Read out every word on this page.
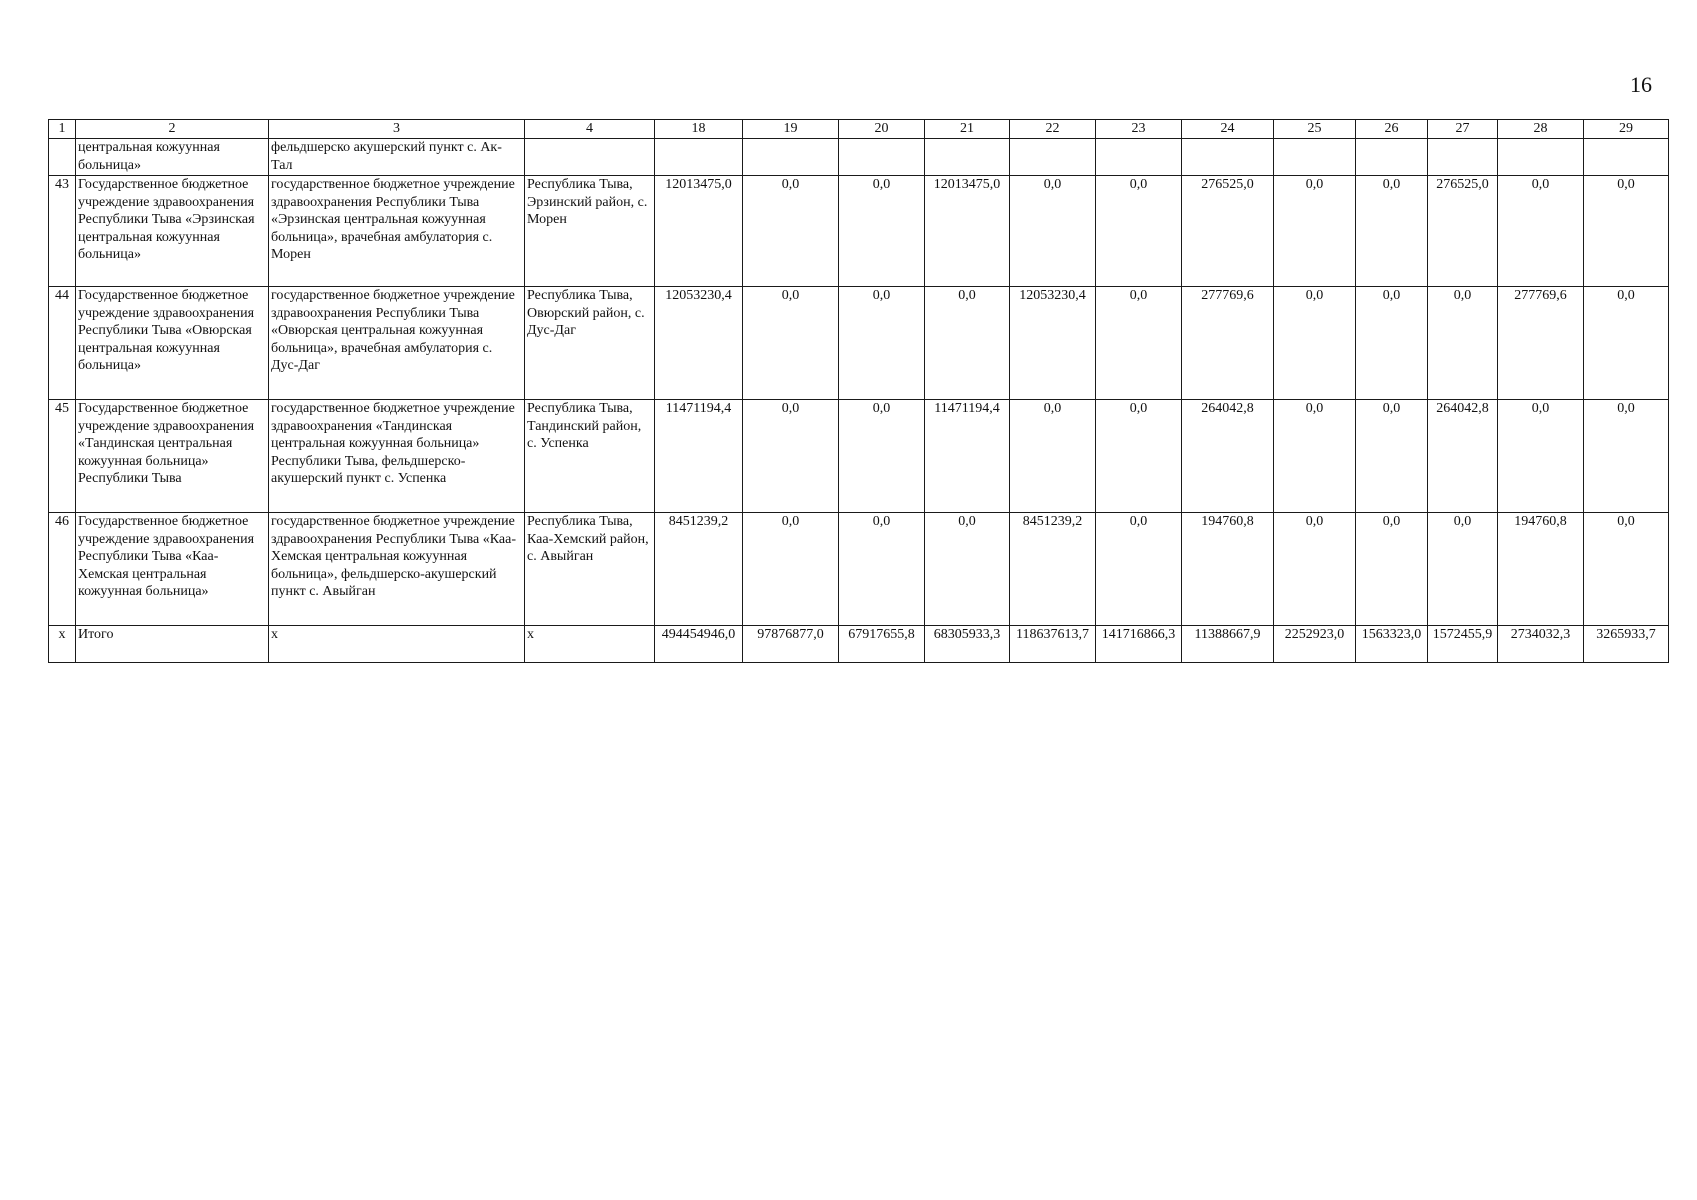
16
1	2	3	4	18	19	20	21	22	23	24	25	26	27	28	29
	центральная кожуунная больница»	фельдшерско акушерский пункт с. Ак-Тал													
43	Государственное бюджетное учреждение здравоохранения Республики Тыва «Эрзинская центральная кожуунная больница»	государственное бюджетное учреждение здравоохранения Республики Тыва «Эрзинская центральная кожуунная больница», врачебная амбулатория с. Морен	Республика Тыва, Эрзинский район, с. Морен	12013475,0	0,0	0,0	12013475,0	0,0	0,0	276525,0	0,0	0,0	276525,0	0,0	0,0
44	Государственное бюджетное учреждение здравоохранения Республики Тыва «Овюрская центральная кожуунная больница»	государственное бюджетное учреждение здравоохранения Республики Тыва «Овюрская центральная кожуунная больница», врачебная амбулатория с. Дус-Даг	Республика Тыва, Овюрский район, с. Дус-Даг	12053230,4	0,0	0,0	0,0	12053230,4	0,0	277769,6	0,0	0,0	0,0	277769,6	0,0
45	Государственное бюджетное учреждение здравоохранения «Тандинская центральная кожуунная больница» Республики Тыва	государственное бюджетное учреждение здравоохранения «Тандинская центральная кожуунная больница» Республики Тыва, фельдшерско-акушерский пункт с. Успенка	Республика Тыва, Тандинский район, с. Успенка	11471194,4	0,0	0,0	11471194,4	0,0	0,0	264042,8	0,0	0,0	264042,8	0,0	0,0
46	Государственное бюджетное учреждение здравоохранения Республики Тыва «Каа-Хемская центральная кожуунная больница»	государственное бюджетное учреждение здравоохранения Республики Тыва «Каа-Хемская центральная кожуунная больница», фельдшерско-акушерский пункт с. Авыйган	Республика Тыва, Каа-Хемский район, с. Авыйган	8451239,2	0,0	0,0	0,0	8451239,2	0,0	194760,8	0,0	0,0	0,0	194760,8	0,0
х	Итого	х	х	494454946,0	97876877,0	67917655,8	68305933,3	118637613,7	141716866,3	11388667,9	2252923,0	1563323,0	1572455,9	2734032,3	3265933,7
